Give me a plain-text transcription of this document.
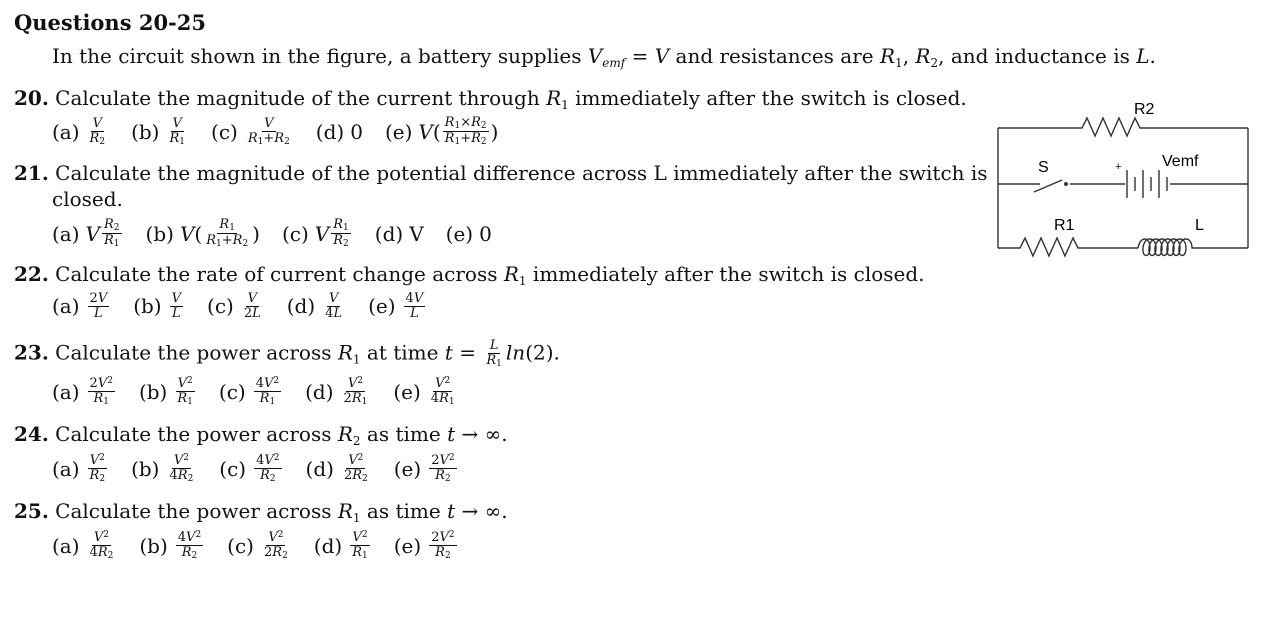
Questions 20-25
In the circuit shown in the figure, a battery supplies $V_{emf} = V$ and resistances are $R_1$, $R_2$, and inductance is L.
20. Calculate the magnitude of the current through $R_1$ immediately after the switch is closed.
$(a) \frac{V}{R_2} (b) \frac{V}{R_1} (c) \frac{V}{R_1+R_2} (d)$ 0 (e) V ( $\frac{R_1\times R_2}{R_1+R_2}$ )
21. Calculate the magnitude of the potential difference across L immediately after the switch is
closed.
(a) V $\frac{R_2}{R_1} (b)$ V ( $\frac{R_1}{R_1+R_2}$ ) (c) V $\frac{R_1}{R_2} (d)$ V (e) 0
22. Calculate the rate of current change across $R_1$ immediately after the switch is closed.
$(a) \frac{2V}{L} (b) \frac{V}{L} (c) \frac{V}{2L} (d) \frac{V}{4L} (e) \frac{4V}{L}$
23. Calculate the power across $R_1$ at time $t = \frac{L}{R_1} \ln(2)$.
$(a) \frac{2V^2}{R_1} (b) \frac{V^2}{R_1} (c) \frac{4V^2}{R_1} (d) \frac{V^2}{2R_1} (e) \frac{V^2}{4R_1}$
24. Calculate the power across $R_2$ as time t → ∞.
$(a) \frac{V^2}{R_2} (b) \frac{V^2}{4R_2} (c) \frac{4V^2}{R_2} (d) \frac{V^2}{2R_2} (e) \frac{2V^2}{R_2}$
25. Calculate the power across $R_1$ as time t → ∞.
$(a) \frac{V^2}{4R_2} (b) \frac{4V^2}{R_2} (c) \frac{V^2}{2R_2} (d) \frac{V^2}{R_1} (e) \frac{2V^2}{R_2}$
R2
S	+	Vemf
R1	L
